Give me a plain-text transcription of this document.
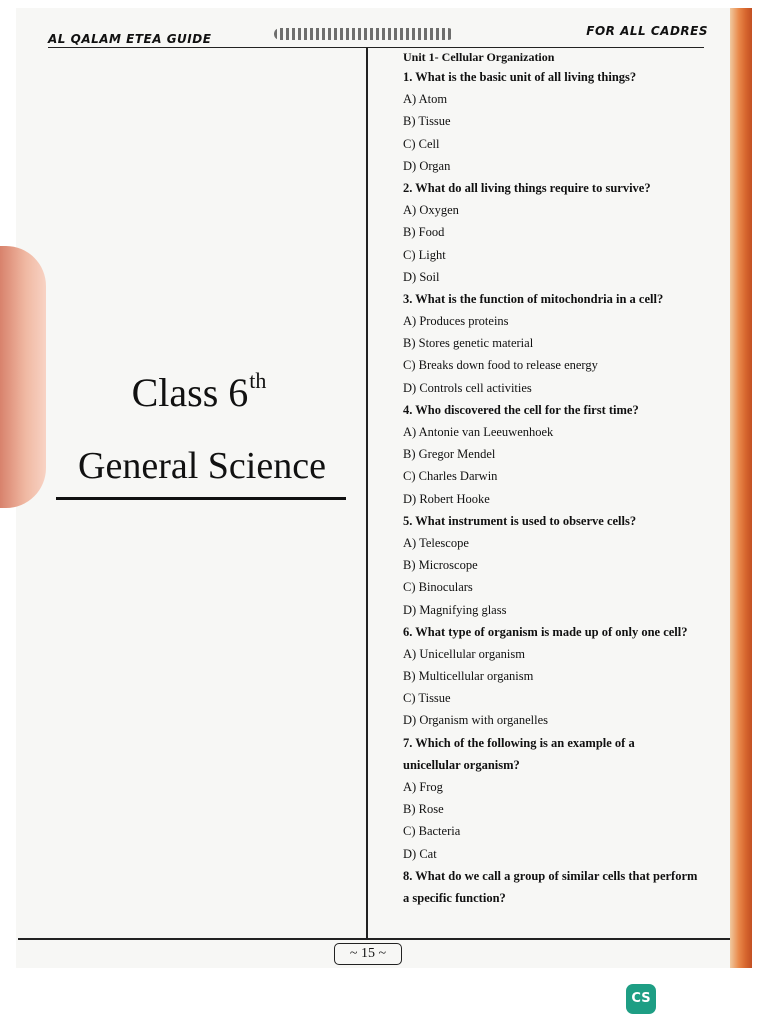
AL QALAM ETEA GUIDE
FOR ALL CADRES
Class 6th
General Science
Unit 1- Cellular Organization
1. What is the basic unit of all living things?
A) Atom
B) Tissue
C) Cell
D) Organ
2. What do all living things require to survive?
A) Oxygen
B) Food
C) Light
D) Soil
3. What is the function of mitochondria in a cell?
A) Produces proteins
B) Stores genetic material
C) Breaks down food to release energy
D) Controls cell activities
4. Who discovered the cell for the first time?
A) Antonie van Leeuwenhoek
B) Gregor Mendel
C) Charles Darwin
D) Robert Hooke
5. What instrument is used to observe cells?
A) Telescope
B) Microscope
C) Binoculars
D) Magnifying glass
6. What type of organism is made up of only one cell?
A) Unicellular organism
B) Multicellular organism
C) Tissue
D) Organism with organelles
7. Which of the following is an example of a
unicellular organism?
A) Frog
B) Rose
C) Bacteria
D) Cat
8. What do we call a group of similar cells that perform
a specific function?
~ 15 ~
CS
